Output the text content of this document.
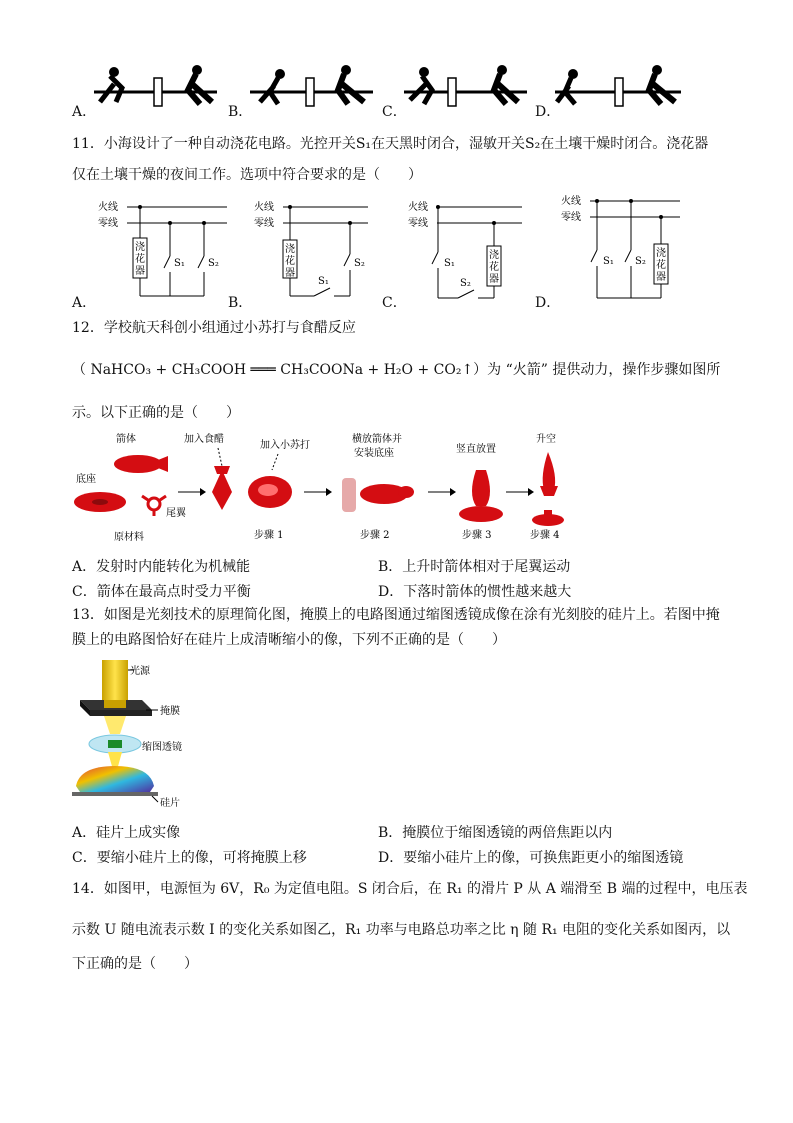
A．	B．	C．	D．
11．小海设计了一种自动浇花电路。光控开关S₁在天黑时闭合，湿敏开关S₂在土壤干燥时闭合。浇花器
仅在土壤干燥的夜间工作。选项中符合要求的是（　　）
火线
零线
浇
花
器
S₁ S₂
A．
火线
零线
浇
花
器
S₁
S₂
B．
火线
零线
S₁
S₂
浇
花
器
C．
火线
零线
S₁ S₂
浇
花
器
D．
12．学校航天科创小组通过小苏打与食醋反应
（ NaHCO₃ + CH₃COOH ═══ CH₃COONa + H₂O + CO₂↑）为 “火箭” 提供动力，操作步骤如图所
示。以下正确的是（　　）
箭体
底座
尾翼
原材料
加入食醋
加入小苏打
步骤 1
横放箭体并
安装底座
步骤 2
竖直放置
步骤 3
升空
步骤 4
A．发射时内能转化为机械能	B．上升时箭体相对于尾翼运动
C．箭体在最高点时受力平衡	D．下落时箭体的惯性越来越大
13．如图是光刻技术的原理简化图，掩膜上的电路图通过缩图透镜成像在涂有光刻胶的硅片上。若图中掩
膜上的电路图恰好在硅片上成清晰缩小的像，下列不正确的是（　　）
光源
掩膜
缩图透镜
硅片
A．硅片上成实像	B．掩膜位于缩图透镜的两倍焦距以内
C．要缩小硅片上的像，可将掩膜上移	D．要缩小硅片上的像，可换焦距更小的缩图透镜
14．如图甲，电源恒为 6V，R₀ 为定值电阻。S 闭合后，在 R₁ 的滑片 P 从 A 端滑至 B 端的过程中，电压表
示数 U 随电流表示数 I 的变化关系如图乙，R₁ 功率与电路总功率之比 η 随 R₁ 电阻的变化关系如图丙，以
下正确的是（　　）
